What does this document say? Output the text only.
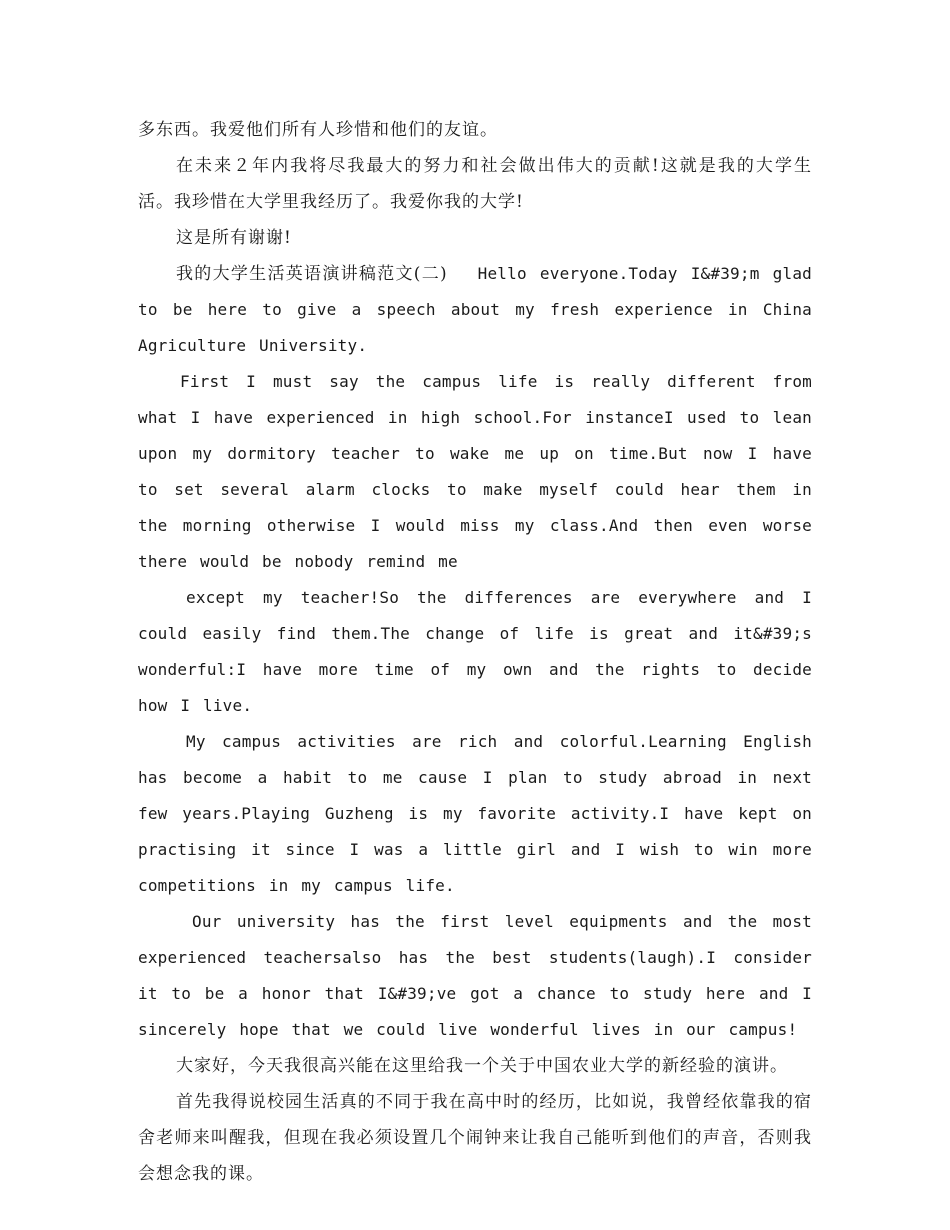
多东西。我爱他们所有人珍惜和他们的友谊。

在未来２年内我将尽我最大的努力和社会做出伟大的贡献!这就是我的大学生活。我珍惜在大学里我经历了。我爱你我的大学!

这是所有谢谢!

我的大学生活英语演讲稿范文(二) Hello everyone.Today I&#39;m glad to be here to give a speech about my fresh experience in China Agriculture University.

First I must say the campus life is really different from what I have experienced in high school.For instanceI used to lean upon my dormitory teacher to wake me up on time.But now I have to set several alarm clocks to make myself could hear them in the morning otherwise I would miss my class.And then even worse there would be nobody remind me

except my teacher!So the differences are everywhere and I could easily find them.The change of life is great and it&#39;s wonderful:I have more time of my own and the rights to decide how I live.

My campus activities are rich and colorful.Learning English has become a habit to me cause I plan to study abroad in next few years.Playing Guzheng is my favorite activity.I have kept on practising it since I was a little girl and I wish to win more competitions in my campus life.

Our university has the first level equipments and the most experienced teachersalso has the best students(laugh).I consider it to be a honor that I&#39;ve got a chance to study here and I sincerely hope that we could live wonderful lives in our campus!

大家好，今天我很高兴能在这里给我一个关于中国农业大学的新经验的演讲。

首先我得说校园生活真的不同于我在高中时的经历，比如说，我曾经依靠我的宿舍老师来叫醒我，但现在我必须设置几个闹钟来让我自己能听到他们的声音，否则我会想念我的课。
